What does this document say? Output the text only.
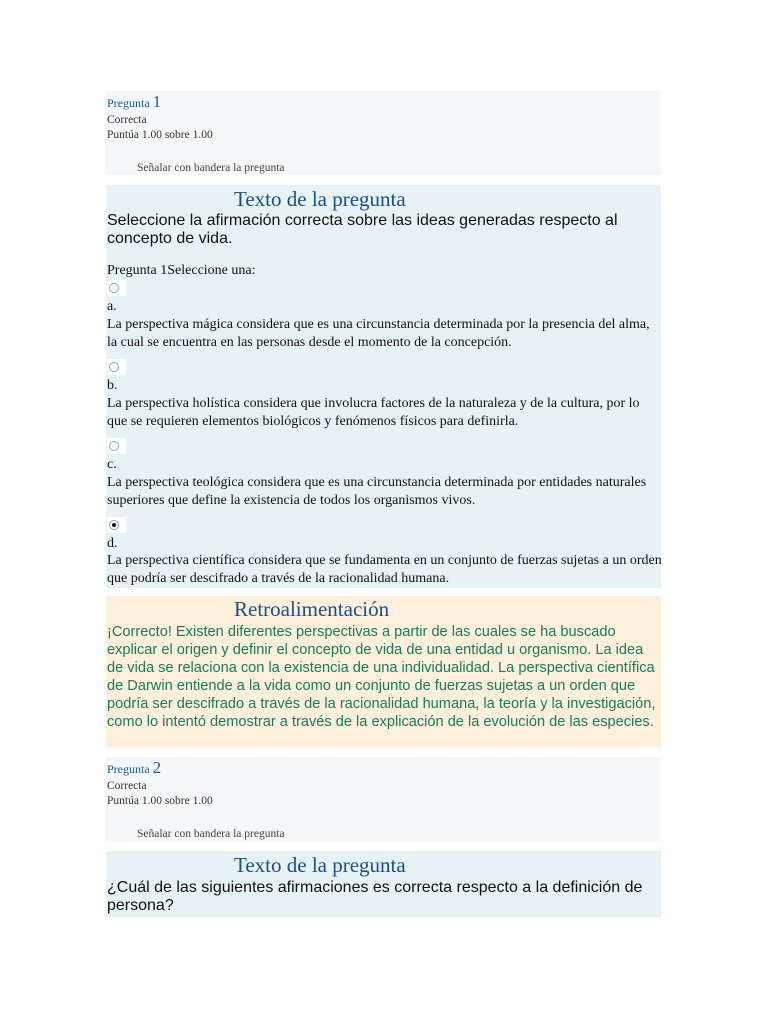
Pregunta 1
Correcta
Puntúa 1.00 sobre 1.00
Señalar con bandera la pregunta
Texto de la pregunta
Seleccione la afirmación correcta sobre las ideas generadas respecto al concepto de vida.
Pregunta 1Seleccione una:
a.
La perspectiva mágica considera que es una circunstancia determinada por la presencia del alma, la cual se encuentra en las personas desde el momento de la concepción.
b.
La perspectiva holística considera que involucra factores de la naturaleza y de la cultura, por lo que se requieren elementos biológicos y fenómenos físicos para definirla.
c.
La perspectiva teológica considera que es una circunstancia determinada por entidades naturales superiores que define la existencia de todos los organismos vivos.
d.
La perspectiva científica considera que se fundamenta en un conjunto de fuerzas sujetas a un orden que podría ser descifrado a través de la racionalidad humana.
Retroalimentación
¡Correcto! Existen diferentes perspectivas a partir de las cuales se ha buscado explicar el origen y definir el concepto de vida de una entidad u organismo. La idea de vida se relaciona con la existencia de una individualidad. La perspectiva científica de Darwin entiende a la vida como un conjunto de fuerzas sujetas a un orden que podría ser descifrado a través de la racionalidad humana, la teoría y la investigación, como lo intentó demostrar a través de la explicación de la evolución de las especies.
Pregunta 2
Correcta
Puntúa 1.00 sobre 1.00
Señalar con bandera la pregunta
Texto de la pregunta
¿Cuál de las siguientes afirmaciones es correcta respecto a la definición de persona?
